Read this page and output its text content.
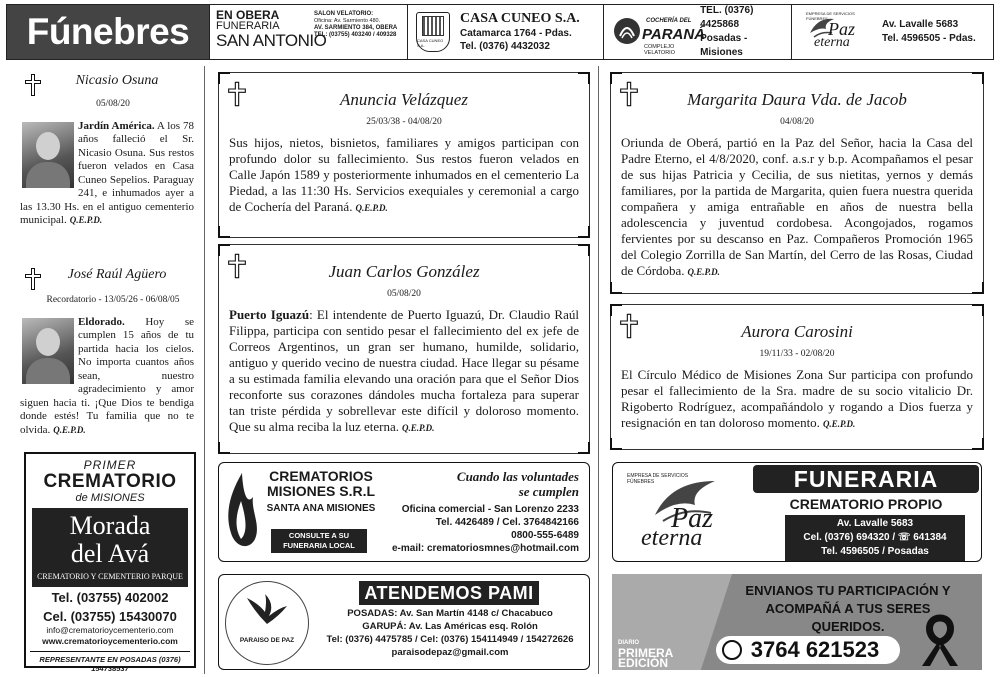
Fúnebres	EN OBERA
FUNERARIA
SAN ANTONIO
SALON VELATORIO:
Oficina: Av. Sarmiento 480.
AV. SARMIENTO 384, OBERA
TEL: (03755) 403240 / 409328
CASA CUNEO S.A.
CASA CUNEO S.A.
Catamarca 1764 - Pdas.
Tel. (0376) 4432032
COCHERÍA DEL
PARANÁ
COMPLEJO VELATORIO
TEL. (0376) 4425868
Posadas - Misiones
EMPRESA DE SERVICIOS FÚNEBRES
Paz
eterna
Av. Lavalle 5683
Tel. 4596505 - Pdas.
Nicasio Osuna
05/08/20
Jardín América. A los 78 años falleció el Sr. Nicasio Osuna. Sus restos fueron velados en Casa Cuneo Sepelios. Paraguay 241, e inhumados ayer a las 13.30 Hs. en el antiguo cementerio municipal. Q.E.P.D.
José Raúl Agüero
Recordatorio - 13/05/26 - 06/08/05
Eldorado. Hoy se cumplen 15 años de tu partida hacia los cielos. No importa cuantos años sean, nuestro agradecimiento y amor siguen hacia ti. ¡Que Dios te bendiga donde estés! Tu familia que no te olvida. Q.E.P.D.
PRIMER
CREMATORIO
de MISIONES
Morada
del Avá
CREMATORIO Y CEMENTERIO PARQUE
Tel. (03755) 402002
Cel. (03755) 15430070
info@crematorioycementerio.com
www.crematorioycementerio.com
REPRESENTANTE EN POSADAS (0376) 154738537
Anuncia Velázquez
25/03/38 - 04/08/20
Sus hijos, nietos, bisnietos, familiares y amigos participan con profundo dolor su fallecimiento. Sus restos fueron velados en Calle Japón 1589 y posteriormente inhumados en el cementerio La Piedad, a las 11:30 Hs. Servicios exequiales y ceremonial a cargo de Cochería del Paraná. Q.E.P.D.
Juan Carlos González
05/08/20
Puerto Iguazú: El intendente de Puerto Iguazú, Dr. Claudio Raúl Filippa, participa con sentido pesar el fallecimiento del ex jefe de Correos Argentinos, un gran ser humano, humilde, solidario, antiguo y querido vecino de nuestra ciudad. Hace llegar su pésame a su estimada familia elevando una oración para que el Señor Dios reconforte sus corazones dándoles mucha fortaleza para superar tan triste pérdida y sobrellevar este difícil y doloroso momento. Que su alma reciba la luz eterna. Q.E.P.D.
CREMATORIOS MISIONES S.R.L
SANTA ANA MISIONES
CONSULTE A SU FUNERARIA LOCAL
Cuando las voluntades
se cumplen
Oficina comercial - San Lorenzo 2233
Tel. 4426489 / Cel. 3764842166
0800-555-6489
e-mail: crematoriosmnes@hotmail.com
PARAISO DE PAZ
ATENDEMOS PAMI
POSADAS: Av. San Martín 4148 c/ Chacabuco
GARUPÁ: Av. Las Américas esq. Rolón
Tel: (0376) 4475785 / Cel: (0376) 154114949 / 154272626
paraisodepaz@gmail.com
Margarita Daura Vda. de Jacob
04/08/20
Oriunda de Oberá, partió en la Paz del Señor, hacia la Casa del Padre Eterno, el 4/8/2020, conf. a.s.r y b.p. Acompañamos el pesar de sus hijas Patricia y Cecilia, de sus nietitas, yernos y demás familiares, por la partida de Margarita, quien fuera nuestra querida compañera y amiga entrañable en años de nuestra bella adolescencia y juventud cordobesa. Acongojados, rogamos fervientes por su descanso en Paz. Compañeros Promoción 1965 del Colegio Zorrilla de San Martín, del Cerro de las Rosas, Ciudad de Córdoba. Q.E.P.D.
Aurora Carosini
19/11/33 - 02/08/20
El Círculo Médico de Misiones Zona Sur participa con profundo pesar el fallecimiento de la Sra. madre de su socio vitalicio Dr. Rigoberto Rodríguez, acompañándolo y rogando a Dios fuerza y resignación en tan doloroso momento. Q.E.P.D.
EMPRESA DE SERVICIOS FÚNEBRES
Paz
eterna
FUNERARIA
CREMATORIO PROPIO
Av. Lavalle 5683
Cel. (0376) 694320 / ☏ 641384
Tel. 4596505 / Posadas
ENVIANOS TU PARTICIPACIÓN Y
ACOMPAÑÁ A TUS SERES QUERIDOS.
DIARIO
PRIMERA
EDICIÓN
3764 621523
